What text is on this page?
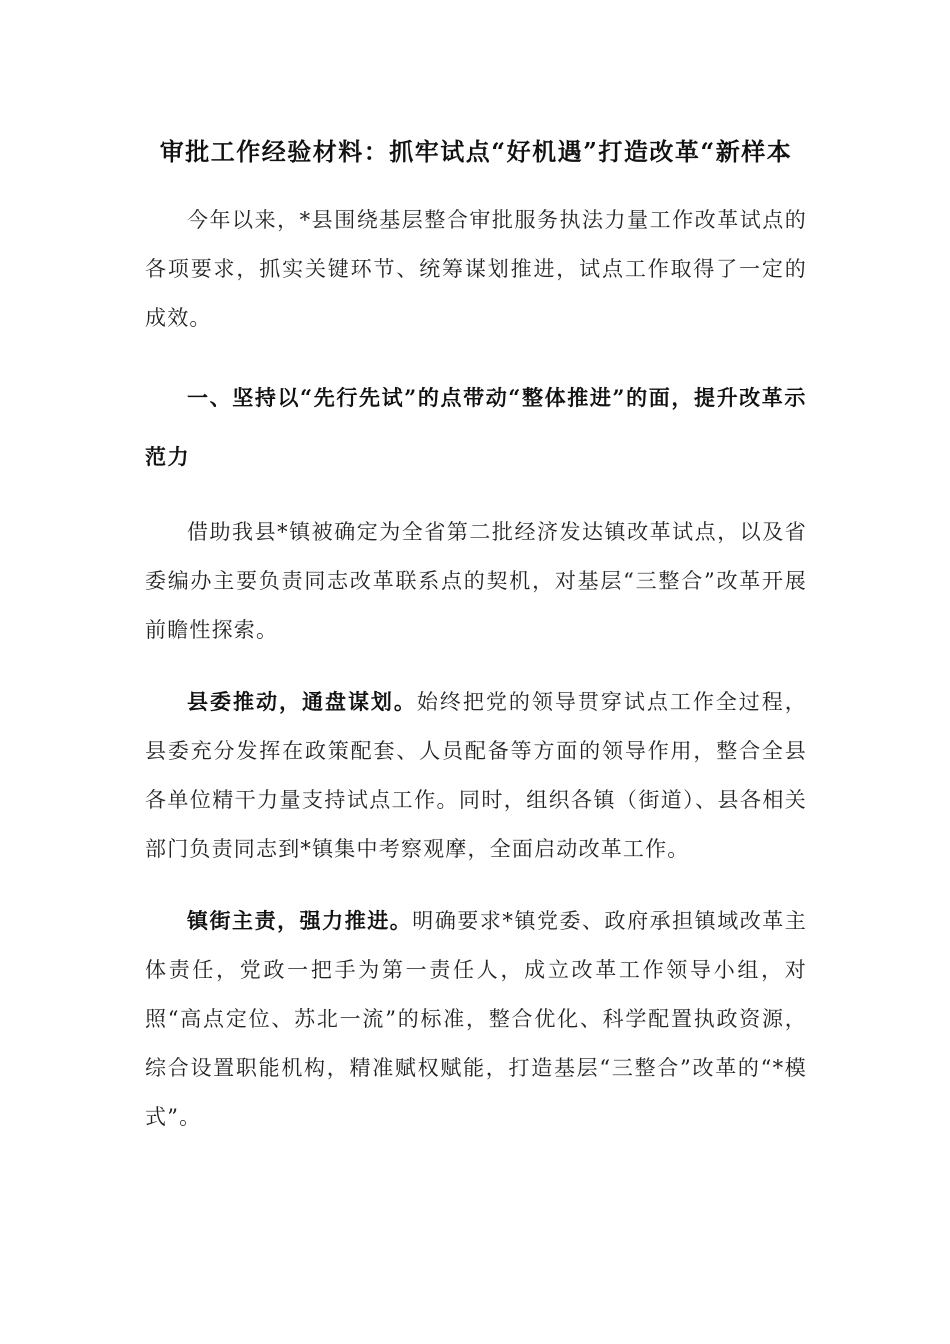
审批工作经验材料：抓牢试点“好机遇”打造改革“新样本

今年以来，*县围绕基层整合审批服务执法力量工作改革试点的各项要求，抓实关键环节、统筹谋划推进，试点工作取得了一定的成效。

一、坚持以“先行先试”的点带动“整体推进”的面，提升改革示范力

借助我县*镇被确定为全省第二批经济发达镇改革试点，以及省委编办主要负责同志改革联系点的契机，对基层“三整合”改革开展前瞻性探索。

县委推动，通盘谋划。始终把党的领导贯穿试点工作全过程，县委充分发挥在政策配套、人员配备等方面的领导作用，整合全县各单位精干力量支持试点工作。同时，组织各镇（街道）、县各相关部门负责同志到*镇集中考察观摩，全面启动改革工作。

镇街主责，强力推进。明确要求*镇党委、政府承担镇域改革主体责任，党政一把手为第一责任人，成立改革工作领导小组，对照“高点定位、苏北一流”的标准，整合优化、科学配置执政资源，综合设置职能机构，精准赋权赋能，打造基层“三整合”改革的“*模式”。
